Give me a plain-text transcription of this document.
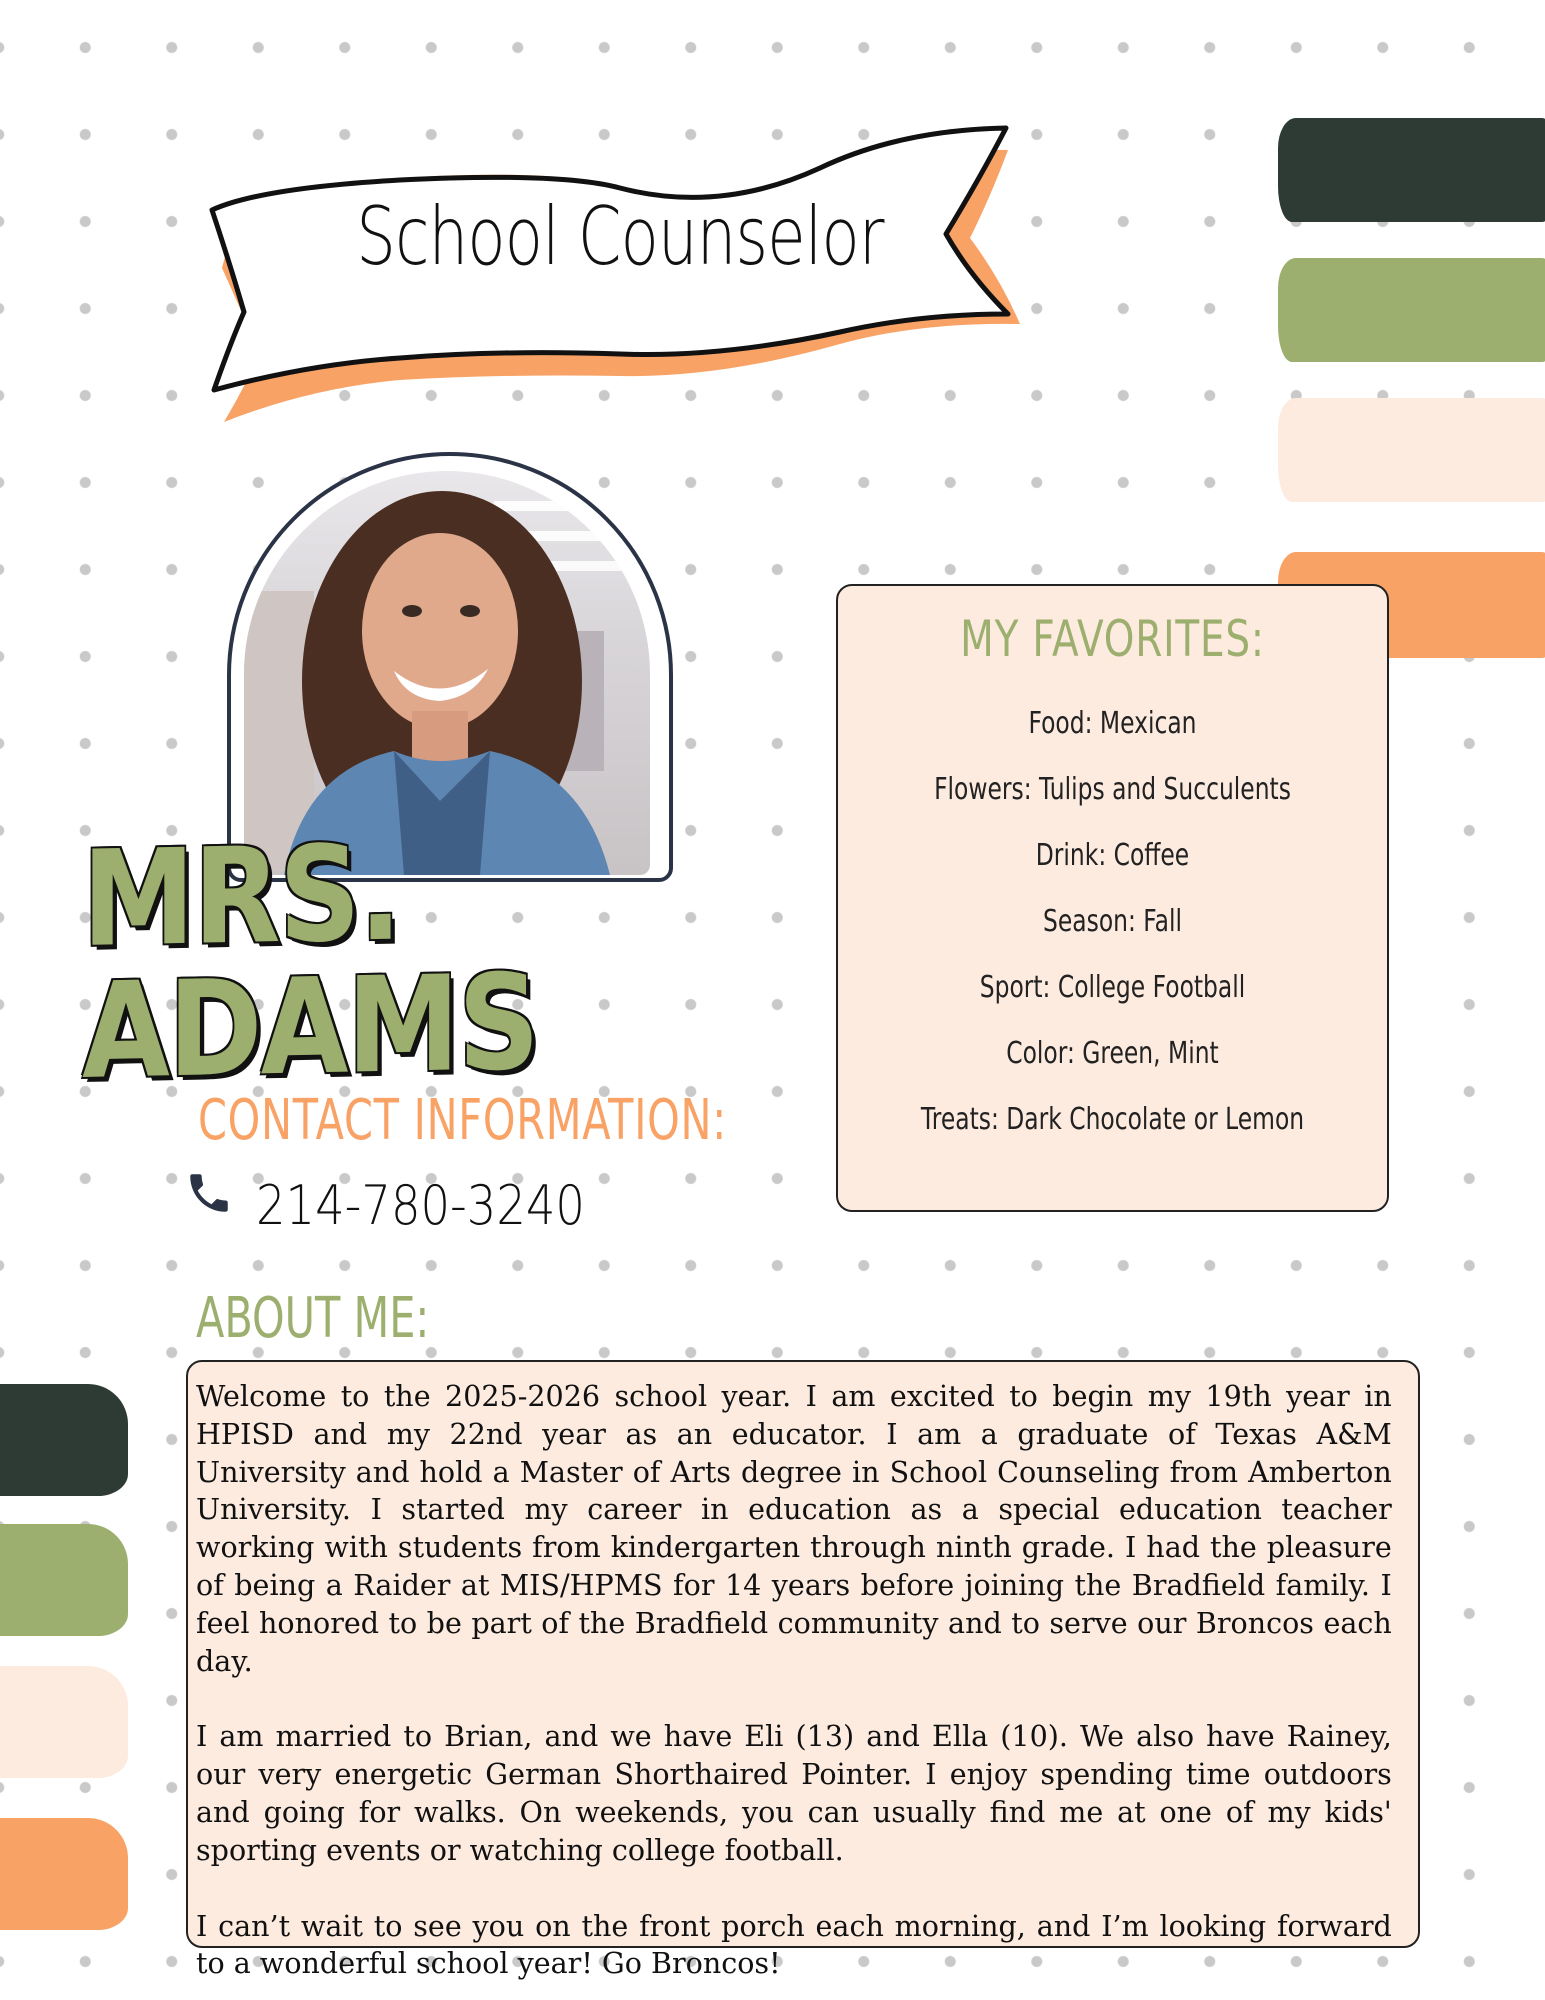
School Counselor
MRS. ADAMS
MY FAVORITES:
Food: Mexican
Flowers: Tulips and Succulents
Drink: Coffee
Season: Fall
Sport: College Football
Color: Green, Mint
Treats: Dark Chocolate or Lemon
CONTACT INFORMATION:
214-780-3240
ABOUT ME:

Welcome to the 2025-2026 school year. I am excited to begin my 19th year in HPISD and my 22nd year as an educator. I am a graduate of Texas A&M University and hold a Master of Arts degree in School Counseling from Amberton University. I started my career in education as a special education teacher working with students from kindergarten through ninth grade. I had the pleasure of being a Raider at MIS/HPMS for 14 years before joining the Bradfield family. I feel honored to be part of the Bradfield community and to serve our Broncos each day.

I am married to Brian, and we have Eli (13) and Ella (10). We also have Rainey, our very energetic German Shorthaired Pointer. I enjoy spending time outdoors and going for walks. On weekends, you can usually find me at one of my kids' sporting events or watching college football.

I can’t wait to see you on the front porch each morning, and I’m looking forward to a wonderful school year! Go Broncos!
